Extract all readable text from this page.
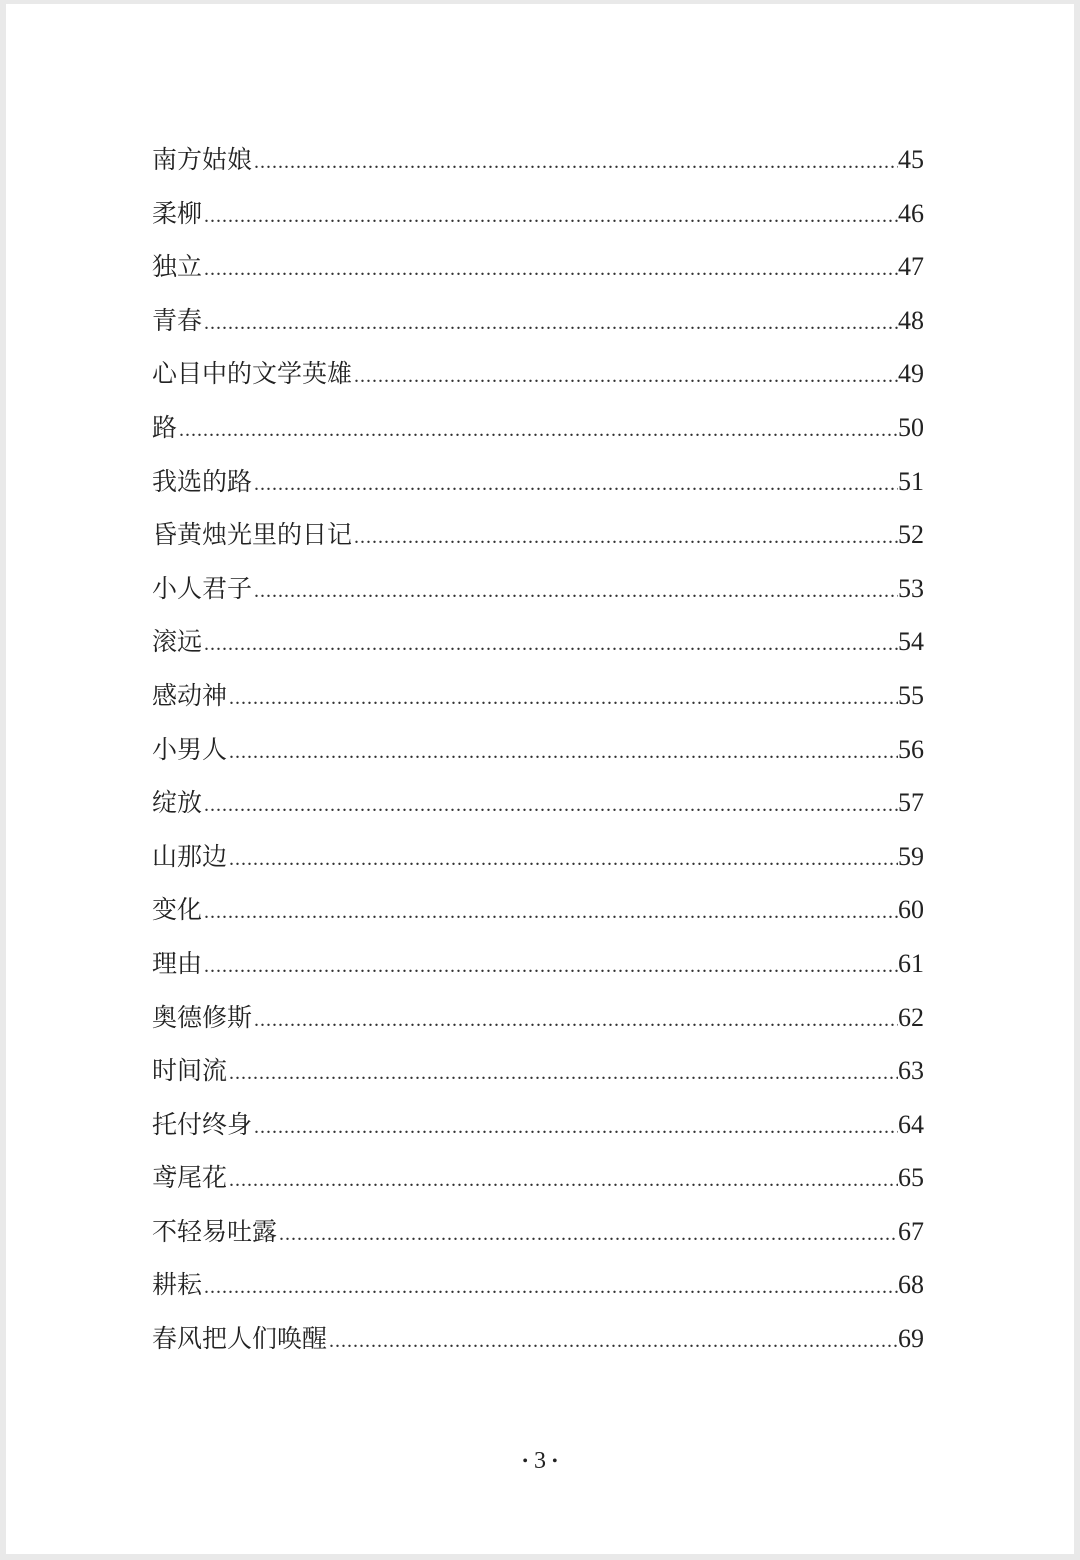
南方姑娘 .....	45
柔柳 .....	46
独立 .....	47
青春 .....	48
心目中的文学英雄 .....	49
路 .....	50
我选的路 .....	51
昏黄烛光里的日记 .....	52
小人君子 .....	53
滚远 .....	54
感动神 .....	55
小男人 .....	56
绽放 .....	57
山那边 .....	59
变化 .....	60
理由 .....	61
奥德修斯 .....	62
时间流 .....	63
托付终身 .....	64
鸢尾花 .....	65
不轻易吐露 .....	67
耕耘 .....	68
春风把人们唤醒 .....	69
• 3 •
